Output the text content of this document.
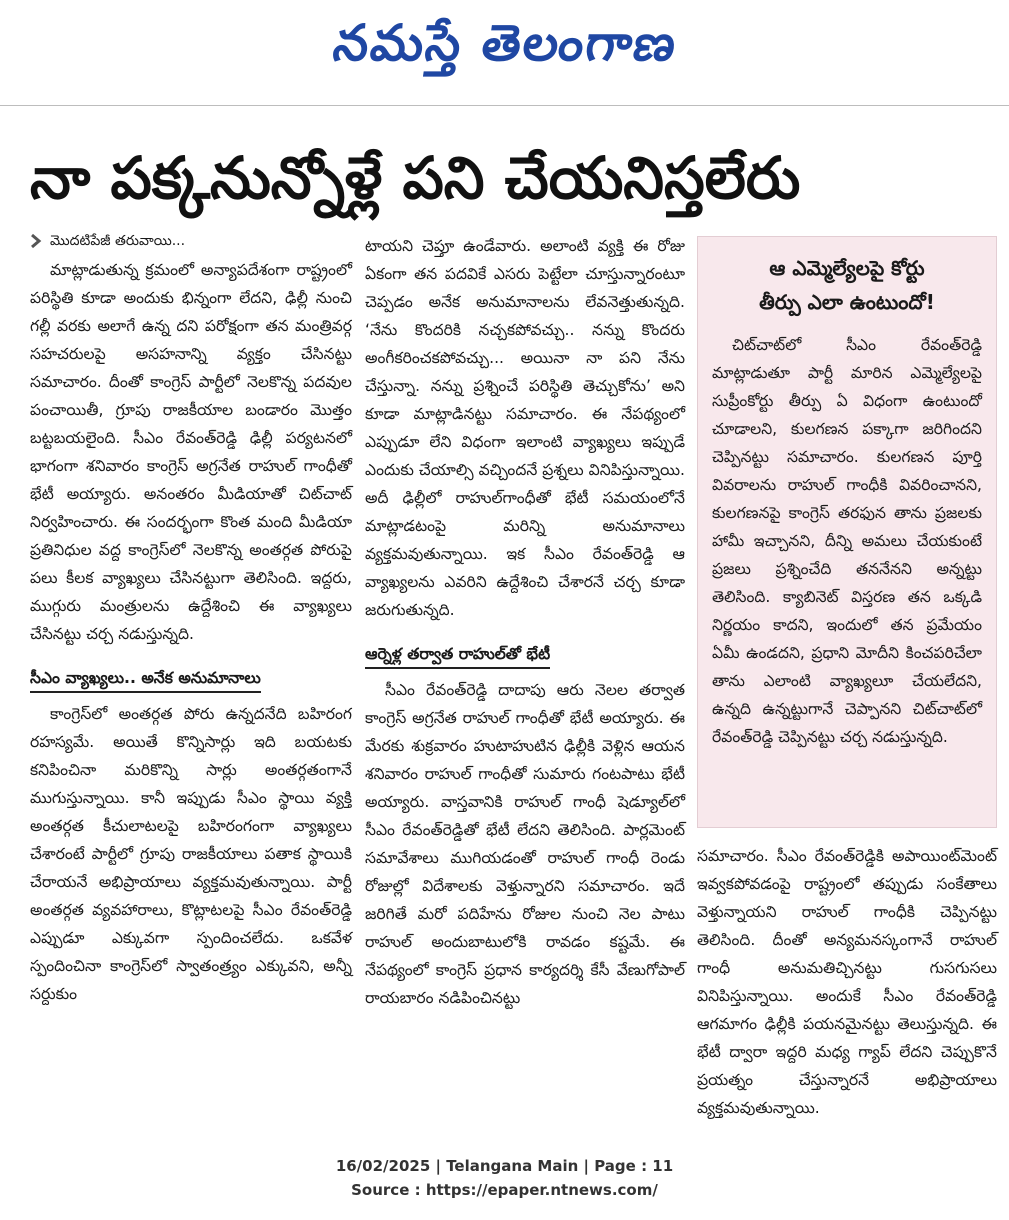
నమస్తే తెలంగాణ
నా పక్కనున్నోళ్లే పని చేయనిస్తలేరు
మొదటిపేజీ తరువాయి...

మాట్లాడుతున్న క్రమంలో అన్యాపదేశంగా రాష్ట్రంలో పరిస్థితి కూడా అందుకు భిన్నంగా లేదని, ఢిల్లీ నుంచి గల్లీ వరకు అలాగే ఉన్న దని పరోక్షంగా తన మంత్రివర్గ సహచరులపై అసహనాన్ని వ్యక్తం చేసినట్టు సమాచారం. దీంతో కాంగ్రెస్ పార్టీలో నెలకొన్న పదవుల పంచాయితీ, గ్రూపు రాజకీయాల బండారం మొత్తం బట్టబయలైంది. సీఎం రేవంత్‌రెడ్డి ఢిల్లీ పర్యటనలో భాగంగా శనివారం కాంగ్రెస్ అగ్రనేత రాహుల్ గాంధీతో భేటీ అయ్యారు. అనంతరం మీడియాతో చిట్‌చాట్ నిర్వహించారు. ఈ సందర్భంగా కొంత మంది మీడియా ప్రతినిధుల వద్ద కాంగ్రెస్‌లో నెలకొన్న అంతర్గత పోరుపై పలు కీలక వ్యాఖ్యలు చేసినట్టుగా తెలిసింది. ఇద్దరు, ముగ్గురు మంత్రులను ఉద్దేశించి ఈ వ్యాఖ్యలు చేసినట్టు చర్చ నడుస్తున్నది.

సీఎం వ్యాఖ్యలు.. అనేక అనుమానాలు

కాంగ్రెస్‌లో అంతర్గత పోరు ఉన్నదనేది బహిరంగ రహస్యమే. అయితే కొన్నిసార్లు ఇది బయటకు కనిపించినా మరికొన్ని సార్లు అంతర్గతంగానే ముగుస్తున్నాయి. కానీ ఇప్పుడు సీఎం స్థాయి వ్యక్తి అంతర్గత కీచులాటలపై బహిరంగంగా వ్యాఖ్యలు చేశారంటే పార్టీలో గ్రూపు రాజకీయాలు పతాక స్థాయికి చేరాయనే అభిప్రాయాలు వ్యక్తమవుతున్నాయి. పార్టీ అంతర్గత వ్యవహారాలు, కొట్లాటలపై సీఎం రేవంత్‌రెడ్డి ఎప్పుడూ ఎక్కువగా స్పందించలేదు. ఒకవేళ స్పందించినా కాంగ్రెస్‌లో స్వాతంత్ర్యం ఎక్కువని, అన్నీ సర్దుకుం

టాయని చెప్తూ ఉండేవారు. అలాంటి వ్యక్తి ఈ రోజు ఏకంగా తన పదవికే ఎసరు పెట్టేలా చూస్తున్నారంటూ చెప్పడం అనేక అనుమానాలను లేవనెత్తుతున్నది. ‘నేను కొందరికి నచ్చకపోవచ్చు.. నన్ను కొందరు అంగీకరించకపోవచ్చు... అయినా నా పని నేను చేస్తున్నా. నన్ను ప్రశ్నించే పరిస్థితి తెచ్చుకోను’ అని కూడా మాట్లాడినట్టు సమాచారం. ఈ నేపథ్యంలో ఎప్పుడూ లేని విధంగా ఇలాంటి వ్యాఖ్యలు ఇప్పుడే ఎందుకు చేయాల్సి వచ్చిందనే ప్రశ్నలు వినిపిస్తున్నాయి. అదీ ఢిల్లీలో రాహుల్‌గాంధీతో భేటీ సమయంలోనే మాట్లాడటంపై మరిన్ని అనుమానాలు వ్యక్తమవుతున్నాయి. ఇక సీఎం రేవంత్‌రెడ్డి ఆ వ్యాఖ్యలను ఎవరిని ఉద్దేశించి చేశారనే చర్చ కూడా జరుగుతున్నది.

ఆర్నెళ్ల తర్వాత రాహుల్‌తో భేటీ

సీఎం రేవంత్‌రెడ్డి దాదాపు ఆరు నెలల తర్వాత కాంగ్రెస్ అగ్రనేత రాహుల్ గాంధీతో భేటీ అయ్యారు. ఈ మేరకు శుక్రవారం హుటాహుటిన ఢిల్లీకి వెళ్లిన ఆయన శనివారం రాహుల్ గాంధీతో సుమారు గంటపాటు భేటీ అయ్యారు. వాస్తవానికి రాహుల్ గాంధీ షెడ్యూల్‌లో సీఎం రేవంత్‌రెడ్డితో భేటీ లేదని తెలిసింది. పార్లమెంట్ సమావేశాలు ముగియడంతో రాహుల్ గాంధీ రెండు రోజుల్లో విదేశాలకు వెళ్తున్నారని సమాచారం. ఇదే జరిగితే మరో పదిహేను రోజుల నుంచి నెల పాటు రాహుల్ అందుబాటులోకి రావడం కష్టమే. ఈ నేపథ్యంలో కాంగ్రెస్ ప్రధాన కార్యదర్శి కేసీ వేణుగోపాల్ రాయబారం నడిపించినట్టు

ఆ ఎమ్మెల్యేలపై కోర్టు
తీర్పు ఎలా ఉంటుందో!

చిట్‌చాట్‌లో సీఎం రేవంత్‌రెడ్డి మాట్లాడుతూ పార్టీ మారిన ఎమ్మెల్యేలపై సుప్రీంకోర్టు తీర్పు ఏ విధంగా ఉంటుందో చూడాలని, కులగణన పక్కాగా జరిగిందని చెప్పినట్టు సమాచారం. కులగణన పూర్తి వివరాలను రాహుల్ గాంధీకి వివరించానని, కులగణనపై కాంగ్రెస్ తరఫున తాను ప్రజలకు హామీ ఇచ్చానని, దీన్ని అమలు చేయకుంటే ప్రజలు ప్రశ్నించేది తననేనని అన్నట్టు తెలిసింది. క్యాబినెట్ విస్తరణ తన ఒక్కడి నిర్ణయం కాదని, ఇందులో తన ప్రమేయం ఏమీ ఉండదని, ప్రధాని మోదీని కించపరిచేలా తాను ఎలాంటి వ్యాఖ్యలూ చేయలేదని, ఉన్నది ఉన్నట్టుగానే చెప్పానని చిట్‌చాట్‌లో రేవంత్‌రెడ్డి చెప్పినట్టు చర్చ నడుస్తున్నది.

సమాచారం. సీఎం రేవంత్‌రెడ్డికి అపాయింట్‌మెంట్ ఇవ్వకపోవడంపై రాష్ట్రంలో తప్పుడు సంకేతాలు వెళ్తున్నాయని రాహుల్ గాంధీకి చెప్పినట్టు తెలిసింది. దీంతో అన్యమనస్కంగానే రాహుల్ గాంధీ అనుమతిచ్చినట్టు గుసగుసలు వినిపిస్తున్నాయి. అందుకే సీఎం రేవంత్‌రెడ్డి ఆగమాగం ఢిల్లీకి పయనమైనట్టు తెలుస్తున్నది. ఈ భేటీ ద్వారా ఇద్దరి మధ్య గ్యాప్ లేదని చెప్పుకొనే ప్రయత్నం చేస్తున్నారనే అభిప్రాయాలు వ్యక్తమవుతున్నాయి.

16/02/2025 | Telangana Main | Page : 11
Source : https://epaper.ntnews.com/
